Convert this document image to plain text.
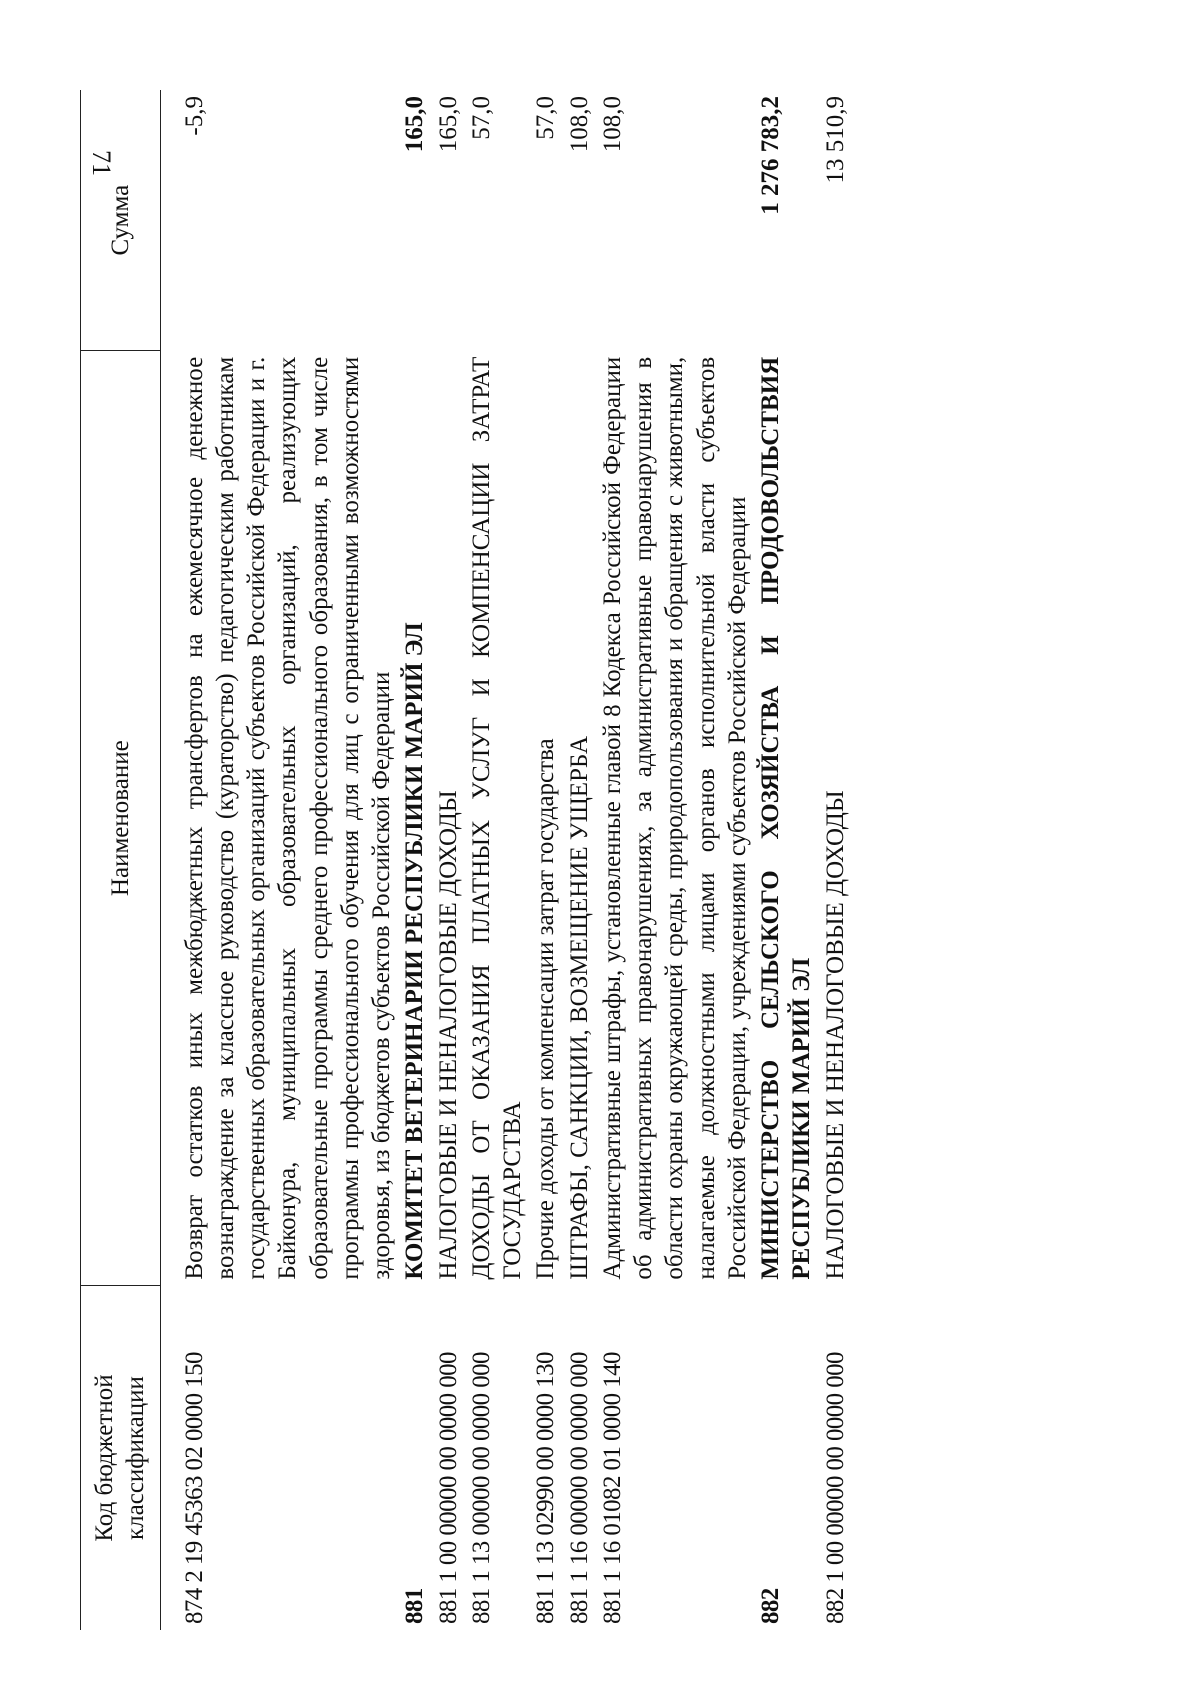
71
Код бюджетной классификации	Наименование	Сумма
874 2 19 45363 02 0000 150	Возврат остатков иных межбюджетных трансфертов на ежемесячное денежное вознаграждение за классное руководство (кураторство) педагогическим работникам государственных образовательных организаций субъектов Российской Федерации и г. Байконура, муниципальных образовательных организаций, реализующих образовательные программы среднего профессионального образования, в том числе программы профессионального обучения для лиц с ограниченными возможностями здоровья, из бюджетов субъектов Российской Федерации	-5,9
881	КОМИТЕТ ВЕТЕРИНАРИИ РЕСПУБЛИКИ МАРИЙ ЭЛ	165,0
881 1 00 00000 00 0000 000	НАЛОГОВЫЕ И НЕНАЛОГОВЫЕ ДОХОДЫ	165,0
881 1 13 00000 00 0000 000	ДОХОДЫ ОТ ОКАЗАНИЯ ПЛАТНЫХ УСЛУГ И КОМПЕНСАЦИИ ЗАТРАТ ГОСУДАРСТВА	57,0
881 1 13 02990 00 0000 130	Прочие доходы от компенсации затрат государства	57,0
881 1 16 00000 00 0000 000	ШТРАФЫ, САНКЦИИ, ВОЗМЕЩЕНИЕ УЩЕРБА	108,0
881 1 16 01082 01 0000 140	Административные штрафы, установленные главой 8 Кодекса Российской Федерации об административных правонарушениях, за административные правонарушения в области охраны окружающей среды, природопользования и обращения с животными, налагаемые должностными лицами органов исполнительной власти субъектов Российской Федерации, учреждениями субъектов Российской Федерации	108,0
882	МИНИСТЕРСТВО СЕЛЬСКОГО ХОЗЯЙСТВА И ПРОДОВОЛЬСТВИЯ РЕСПУБЛИКИ МАРИЙ ЭЛ	1 276 783,2
882 1 00 00000 00 0000 000	НАЛОГОВЫЕ И НЕНАЛОГОВЫЕ ДОХОДЫ	13 510,9
